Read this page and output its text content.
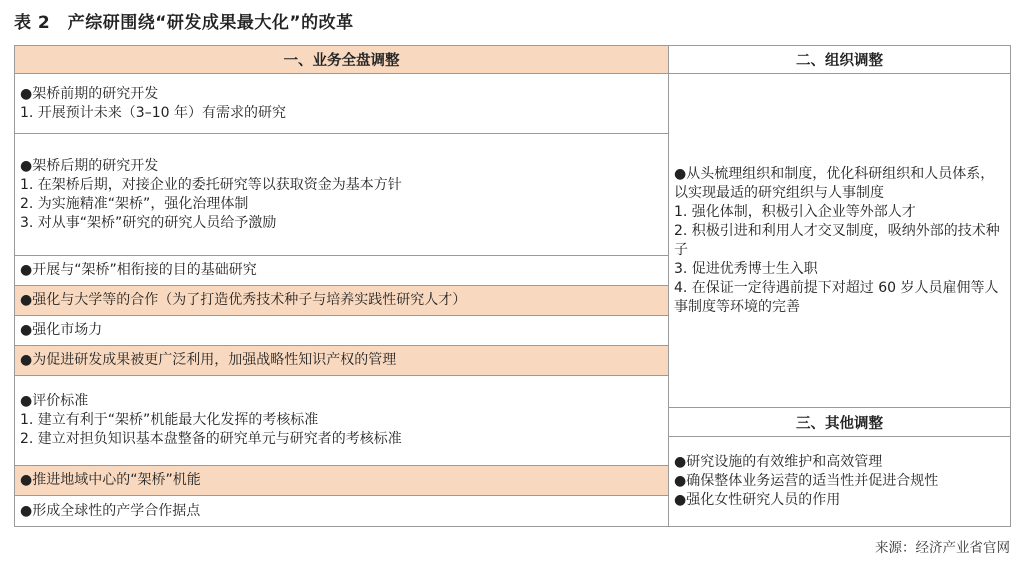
表 2　产综研围绕“研发成果最大化”的改革
一、业务全盘调整
●架桥前期的研究开发
1. 开展预计未来（3–10 年）有需求的研究
●架桥后期的研究开发
1. 在架桥后期，对接企业的委托研究等以获取资金为基本方针
2. 为实施精准“架桥”，强化治理体制
3. 对从事“架桥”研究的研究人员给予激励
●开展与“架桥”相衔接的目的基础研究
●强化与大学等的合作（为了打造优秀技术种子与培养实践性研究人才）
●强化市场力
●为促进研发成果被更广泛利用，加强战略性知识产权的管理
●评价标准
1. 建立有利于“架桥”机能最大化发挥的考核标准
2. 建立对担负知识基本盘整备的研究单元与研究者的考核标准
●推进地域中心的“架桥”机能
●形成全球性的产学合作据点
二、组织调整
●从头梳理组织和制度，优化科研组织和人员体系，以实现最适的研究组织与人事制度
1. 强化体制，积极引入企业等外部人才
2. 积极引进和利用人才交叉制度，吸纳外部的技术种子
3. 促进优秀博士生入职
4. 在保证一定待遇前提下对超过 60 岁人员雇佣等人事制度等环境的完善
三、其他调整
●研究设施的有效维护和高效管理
●确保整体业务运营的适当性并促进合规性
●强化女性研究人员的作用
来源：经济产业省官网
